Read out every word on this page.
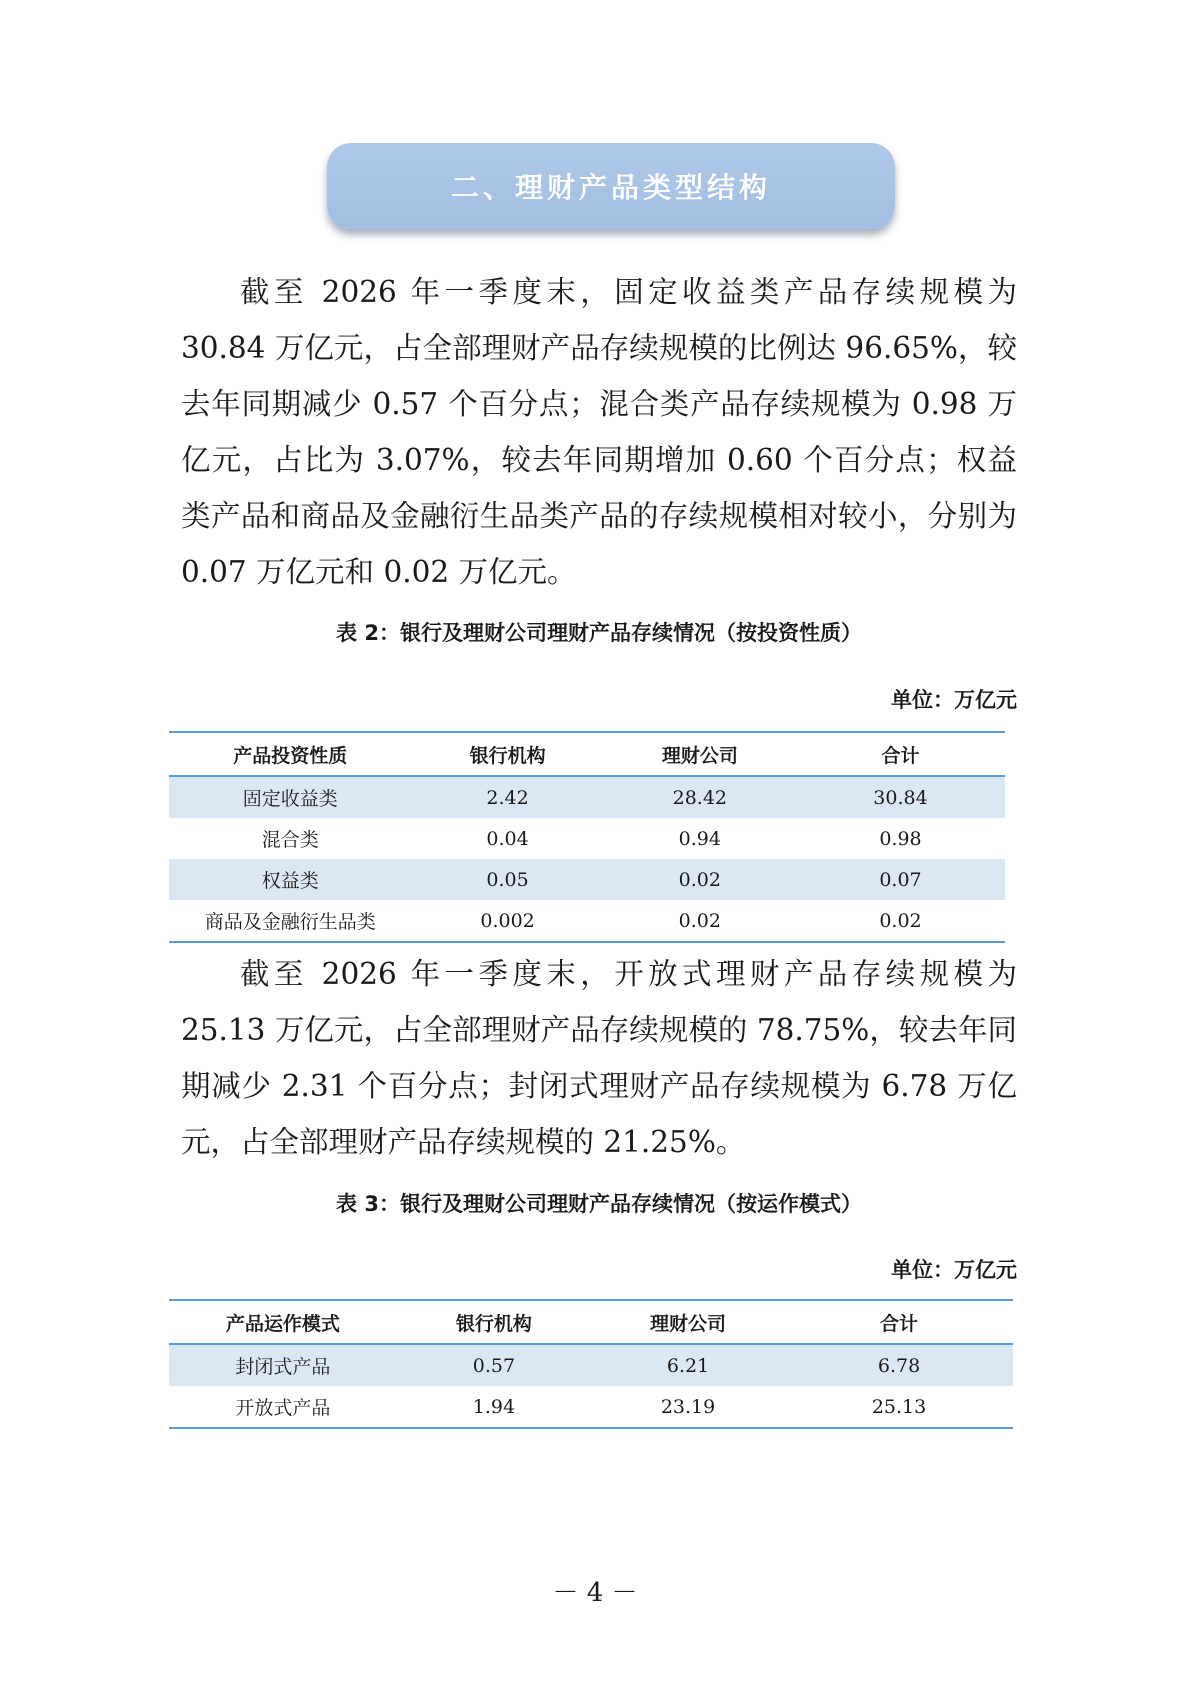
二、理财产品类型结构

截至 2026 年一季度末，固定收益类产品存续规模为 30.84 万亿元，占全部理财产品存续规模的比例达 96.65%，较去年同期减少 0.57 个百分点；混合类产品存续规模为 0.98 万亿元，占比为 3.07%，较去年同期增加 0.60 个百分点；权益类产品和商品及金融衍生品类产品的存续规模相对较小，分别为 0.07 万亿元和 0.02 万亿元。

表 2：银行及理财公司理财产品存续情况（按投资性质）
单位：万亿元
产品投资性质	银行机构	理财公司	合计
固定收益类	2.42	28.42	30.84
混合类	0.04	0.94	0.98
权益类	0.05	0.02	0.07
商品及金融衍生品类	0.002	0.02	0.02

截至 2026 年一季度末，开放式理财产品存续规模为 25.13 万亿元，占全部理财产品存续规模的 78.75%，较去年同期减少 2.31 个百分点；封闭式理财产品存续规模为 6.78 万亿元，占全部理财产品存续规模的 21.25%。

表 3：银行及理财公司理财产品存续情况（按运作模式）
单位：万亿元
产品运作模式	银行机构	理财公司	合计
封闭式产品	0.57	6.21	6.78
开放式产品	1.94	23.19	25.13
－ 4 －
